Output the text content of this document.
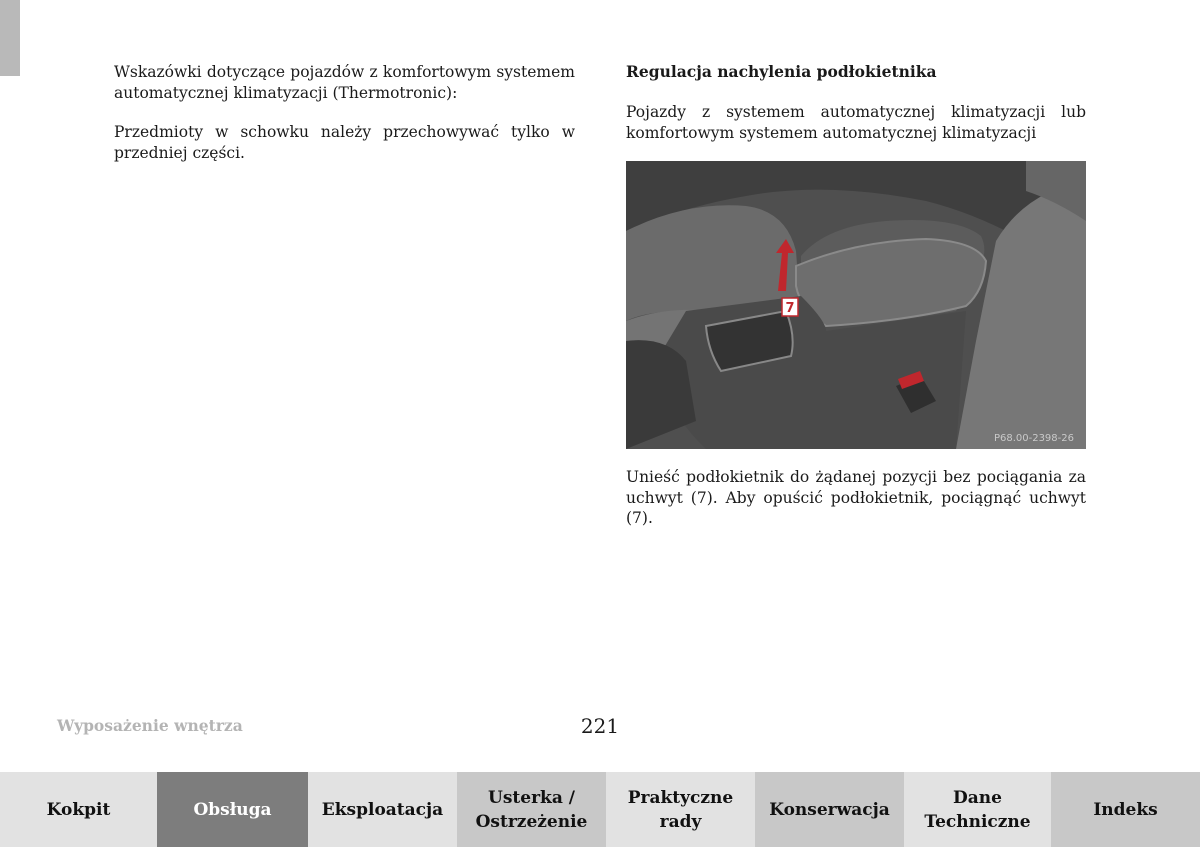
Wskazówki dotyczące pojazdów z komfortowym systemem automatycznej klimatyzacji (Thermotronic):

Przedmioty w schowku należy przechowywać tylko w przedniej części.

Regulacja nachylenia podłokietnika

Pojazdy z systemem automatycznej klimatyzacji lub komfortowym systemem automatycznej klimatyzacji

7
P68.00-2398-26

Unieść podłokietnik do żądanej pozycji bez pociągania za uchwyt (7). Aby opuścić podłokietnik, pociągnąć uchwyt (7).

Wyposażenie wnętrza	221

Kokpit	Obsługa	Eksploatacja
Usterka /
Ostrzeżenie
Praktyczne
rady
Konserwacja
Dane
Techniczne
Indeks
